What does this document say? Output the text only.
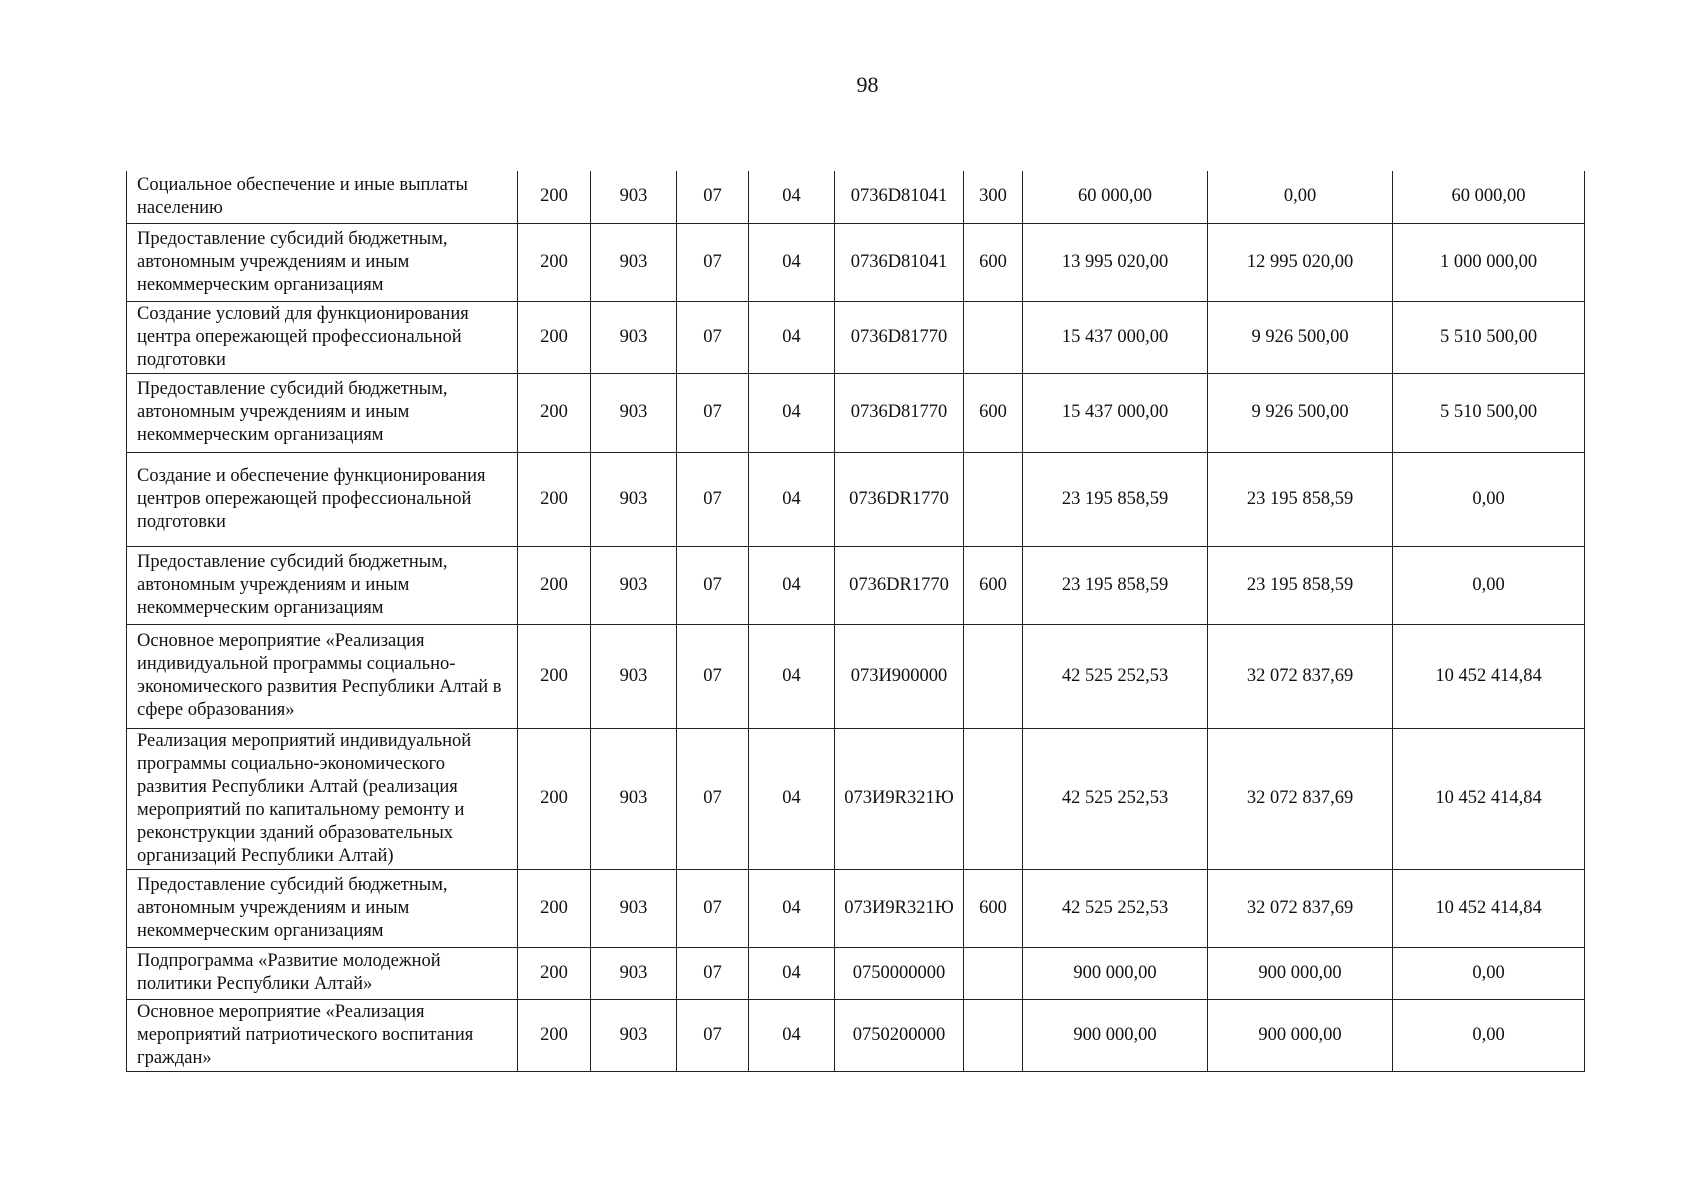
98
Социальное обеспечение и иные выплаты населению	200	903	07	04	0736D81041	300	60 000,00	0,00	60 000,00
Предоставление субсидий бюджетным, автономным учреждениям и иным некоммерческим организациям	200	903	07	04	0736D81041	600	13 995 020,00	12 995 020,00	1 000 000,00
Создание условий для функционирования центра опережающей профессиональной подготовки	200	903	07	04	0736D81770		15 437 000,00	9 926 500,00	5 510 500,00
Предоставление субсидий бюджетным, автономным учреждениям и иным некоммерческим организациям	200	903	07	04	0736D81770	600	15 437 000,00	9 926 500,00	5 510 500,00
Создание и обеспечение функционирования центров опережающей профессиональной подготовки	200	903	07	04	0736DR1770		23 195 858,59	23 195 858,59	0,00
Предоставление субсидий бюджетным, автономным учреждениям и иным некоммерческим организациям	200	903	07	04	0736DR1770	600	23 195 858,59	23 195 858,59	0,00
Основное мероприятие «Реализация индивидуальной программы социально-экономического развития Республики Алтай в сфере образования»	200	903	07	04	073И900000		42 525 252,53	32 072 837,69	10 452 414,84
Реализация мероприятий индивидуальной программы социально-экономического развития Республики Алтай (реализация мероприятий по капитальному ремонту и реконструкции зданий образовательных организаций Республики Алтай)	200	903	07	04	073И9R321Ю		42 525 252,53	32 072 837,69	10 452 414,84
Предоставление субсидий бюджетным, автономным учреждениям и иным некоммерческим организациям	200	903	07	04	073И9R321Ю	600	42 525 252,53	32 072 837,69	10 452 414,84
Подпрограмма «Развитие молодежной политики Республики Алтай»	200	903	07	04	0750000000		900 000,00	900 000,00	0,00
Основное мероприятие «Реализация мероприятий патриотического воспитания граждан»	200	903	07	04	0750200000		900 000,00	900 000,00	0,00
